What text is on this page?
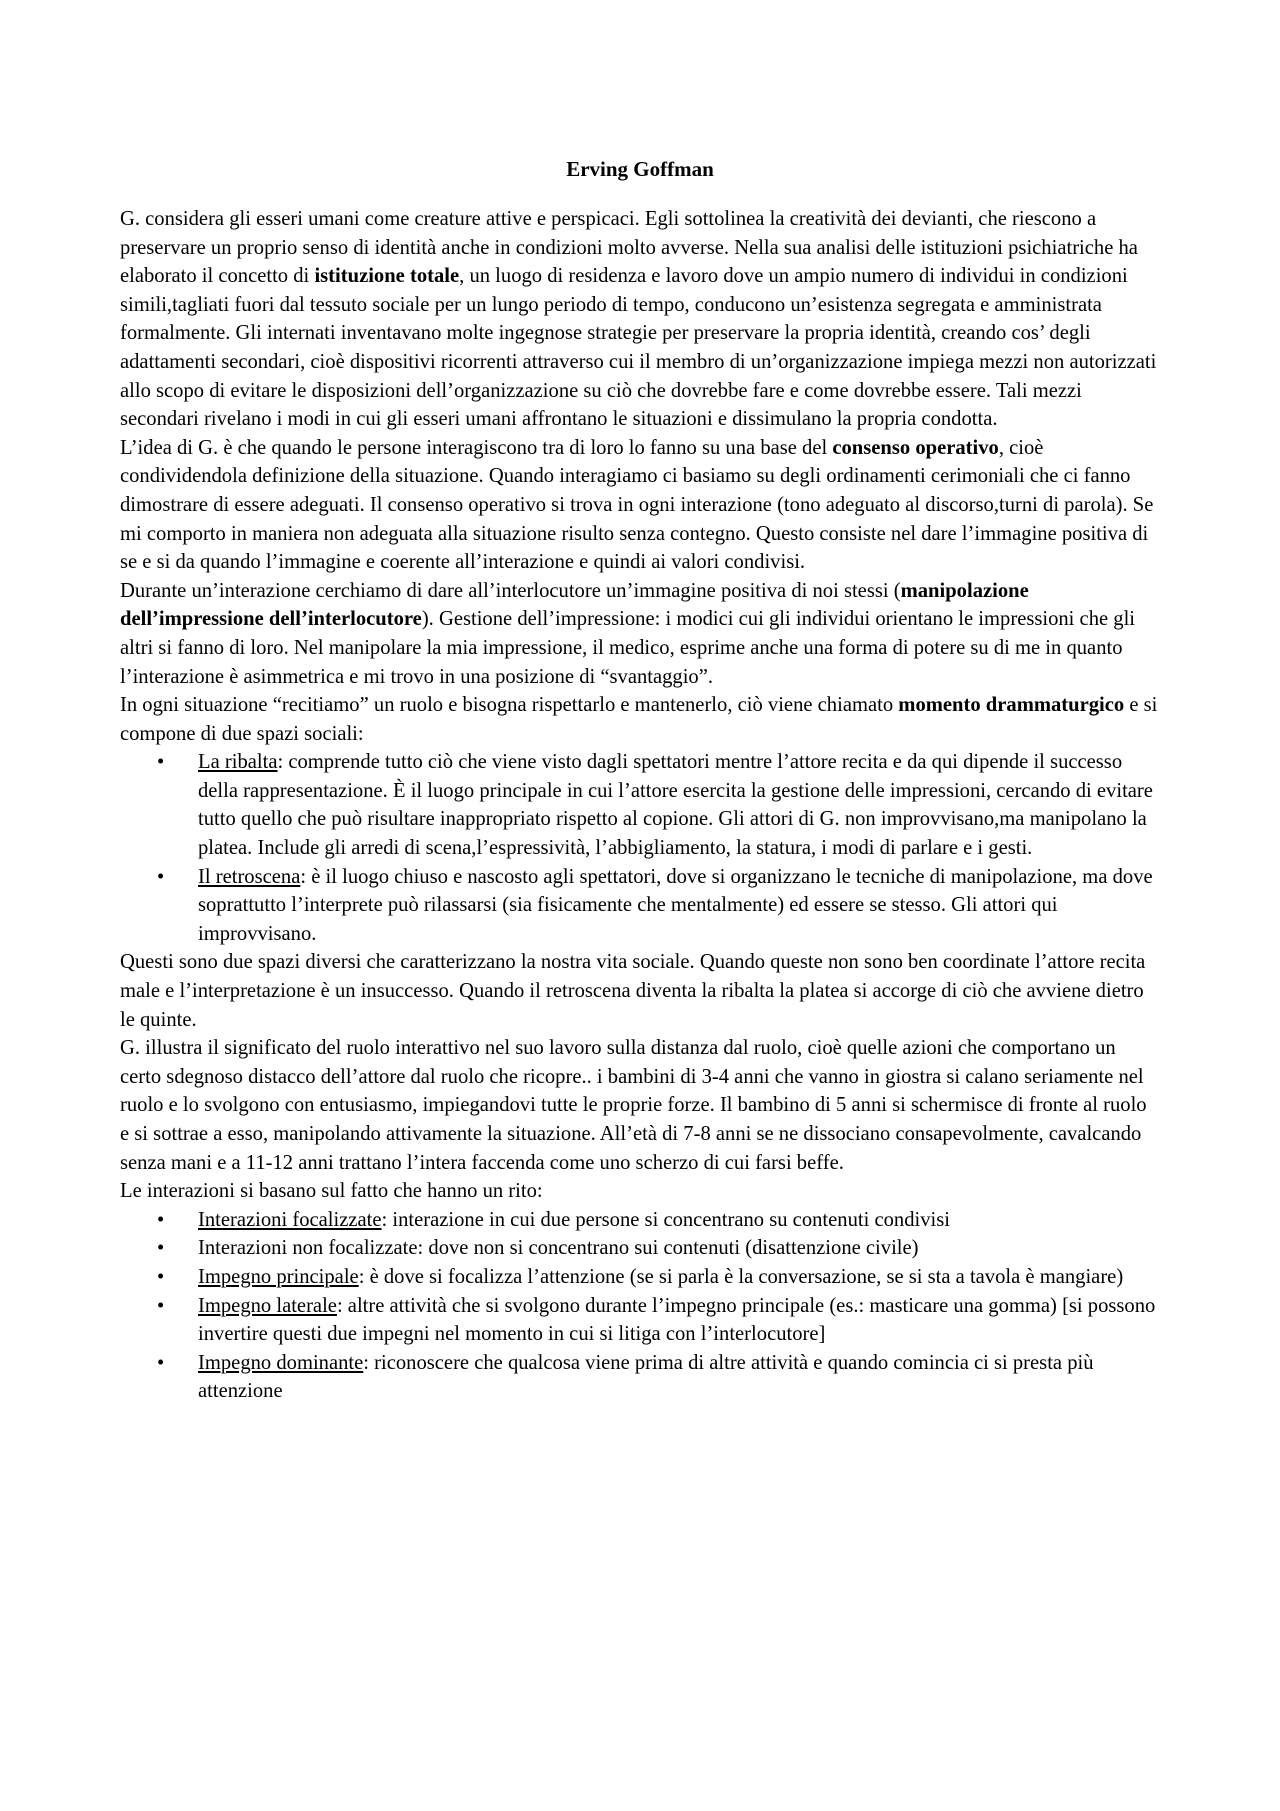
Erving Goffman

G. considera gli esseri umani come creature attive e perspicaci. Egli sottolinea la creatività dei devianti, che riescono a preservare un proprio senso di identità anche in condizioni molto avverse. Nella sua analisi delle istituzioni psichiatriche ha elaborato il concetto di istituzione totale, un luogo di residenza e lavoro dove un ampio numero di individui in condizioni simili,tagliati fuori dal tessuto sociale per un lungo periodo di tempo, conducono un’esistenza segregata e amministrata formalmente. Gli internati inventavano molte ingegnose strategie per preservare la propria identità, creando cos’ degli adattamenti secondari, cioè dispositivi ricorrenti attraverso cui il membro di un’organizzazione impiega mezzi non autorizzati allo scopo di evitare le disposizioni dell’organizzazione su ciò che dovrebbe fare e come dovrebbe essere. Tali mezzi secondari rivelano i modi in cui gli esseri umani affrontano le situazioni e dissimulano la propria condotta.

L’idea di G. è che quando le persone interagiscono tra di loro lo fanno su una base del consenso operativo, cioè condividendola definizione della situazione. Quando interagiamo ci basiamo su degli ordinamenti cerimoniali che ci fanno dimostrare di essere adeguati. Il consenso operativo si trova in ogni interazione (tono adeguato al discorso,turni di parola). Se mi comporto in maniera non adeguata alla situazione risulto senza contegno. Questo consiste nel dare l’immagine positiva di se e si da quando l’immagine e coerente all’interazione e quindi ai valori condivisi.

Durante un’interazione cerchiamo di dare all’interlocutore un’immagine positiva di noi stessi (manipolazione dell’impressione dell’interlocutore). Gestione dell’impressione: i modici cui gli individui orientano le impressioni che gli altri si fanno di loro. Nel manipolare la mia impressione, il medico, esprime anche una forma di potere su di me in quanto l’interazione è asimmetrica e mi trovo in una posizione di “svantaggio”.

In ogni situazione “recitiamo” un ruolo e bisogna rispettarlo e mantenerlo, ciò viene chiamato momento drammaturgico e si compone di due spazi sociali:

• La ribalta: comprende tutto ciò che viene visto dagli spettatori mentre l’attore recita e da qui dipende il successo della rappresentazione. È il luogo principale in cui l’attore esercita la gestione delle impressioni, cercando di evitare tutto quello che può risultare inappropriato rispetto al copione. Gli attori di G. non improvvisano,ma manipolano la platea. Include gli arredi di scena,l’espressività, l’abbigliamento, la statura, i modi di parlare e i gesti.
• Il retroscena: è il luogo chiuso e nascosto agli spettatori, dove si organizzano le tecniche di manipolazione, ma dove soprattutto l’interprete può rilassarsi (sia fisicamente che mentalmente) ed essere se stesso. Gli attori qui improvvisano.

Questi sono due spazi diversi che caratterizzano la nostra vita sociale. Quando queste non sono ben coordinate l’attore recita male e l’interpretazione è un insuccesso. Quando il retroscena diventa la ribalta la platea si accorge di ciò che avviene dietro le quinte.

G. illustra il significato del ruolo interattivo nel suo lavoro sulla distanza dal ruolo, cioè quelle azioni che comportano un certo sdegnoso distacco dell’attore dal ruolo che ricopre.. i bambini di 3-4 anni che vanno in giostra si calano seriamente nel ruolo e lo svolgono con entusiasmo, impiegandovi tutte le proprie forze. Il bambino di 5 anni si schermisce di fronte al ruolo e si sottrae a esso, manipolando attivamente la situazione. All’età di 7-8 anni se ne dissociano consapevolmente, cavalcando senza mani e a 11-12 anni trattano l’intera faccenda come uno scherzo di cui farsi beffe.

Le interazioni si basano sul fatto che hanno un rito:

• Interazioni focalizzate: interazione in cui due persone si concentrano su contenuti condivisi
• Interazioni non focalizzate: dove non si concentrano sui contenuti (disattenzione civile)
• Impegno principale: è dove si focalizza l’attenzione (se si parla è la conversazione, se si sta a tavola è mangiare)
• Impegno laterale: altre attività che si svolgono durante l’impegno principale (es.: masticare una gomma) [si possono invertire questi due impegni nel momento in cui si litiga con l’interlocutore]
• Impegno dominante: riconoscere che qualcosa viene prima di altre attività e quando comincia ci si presta più attenzione
